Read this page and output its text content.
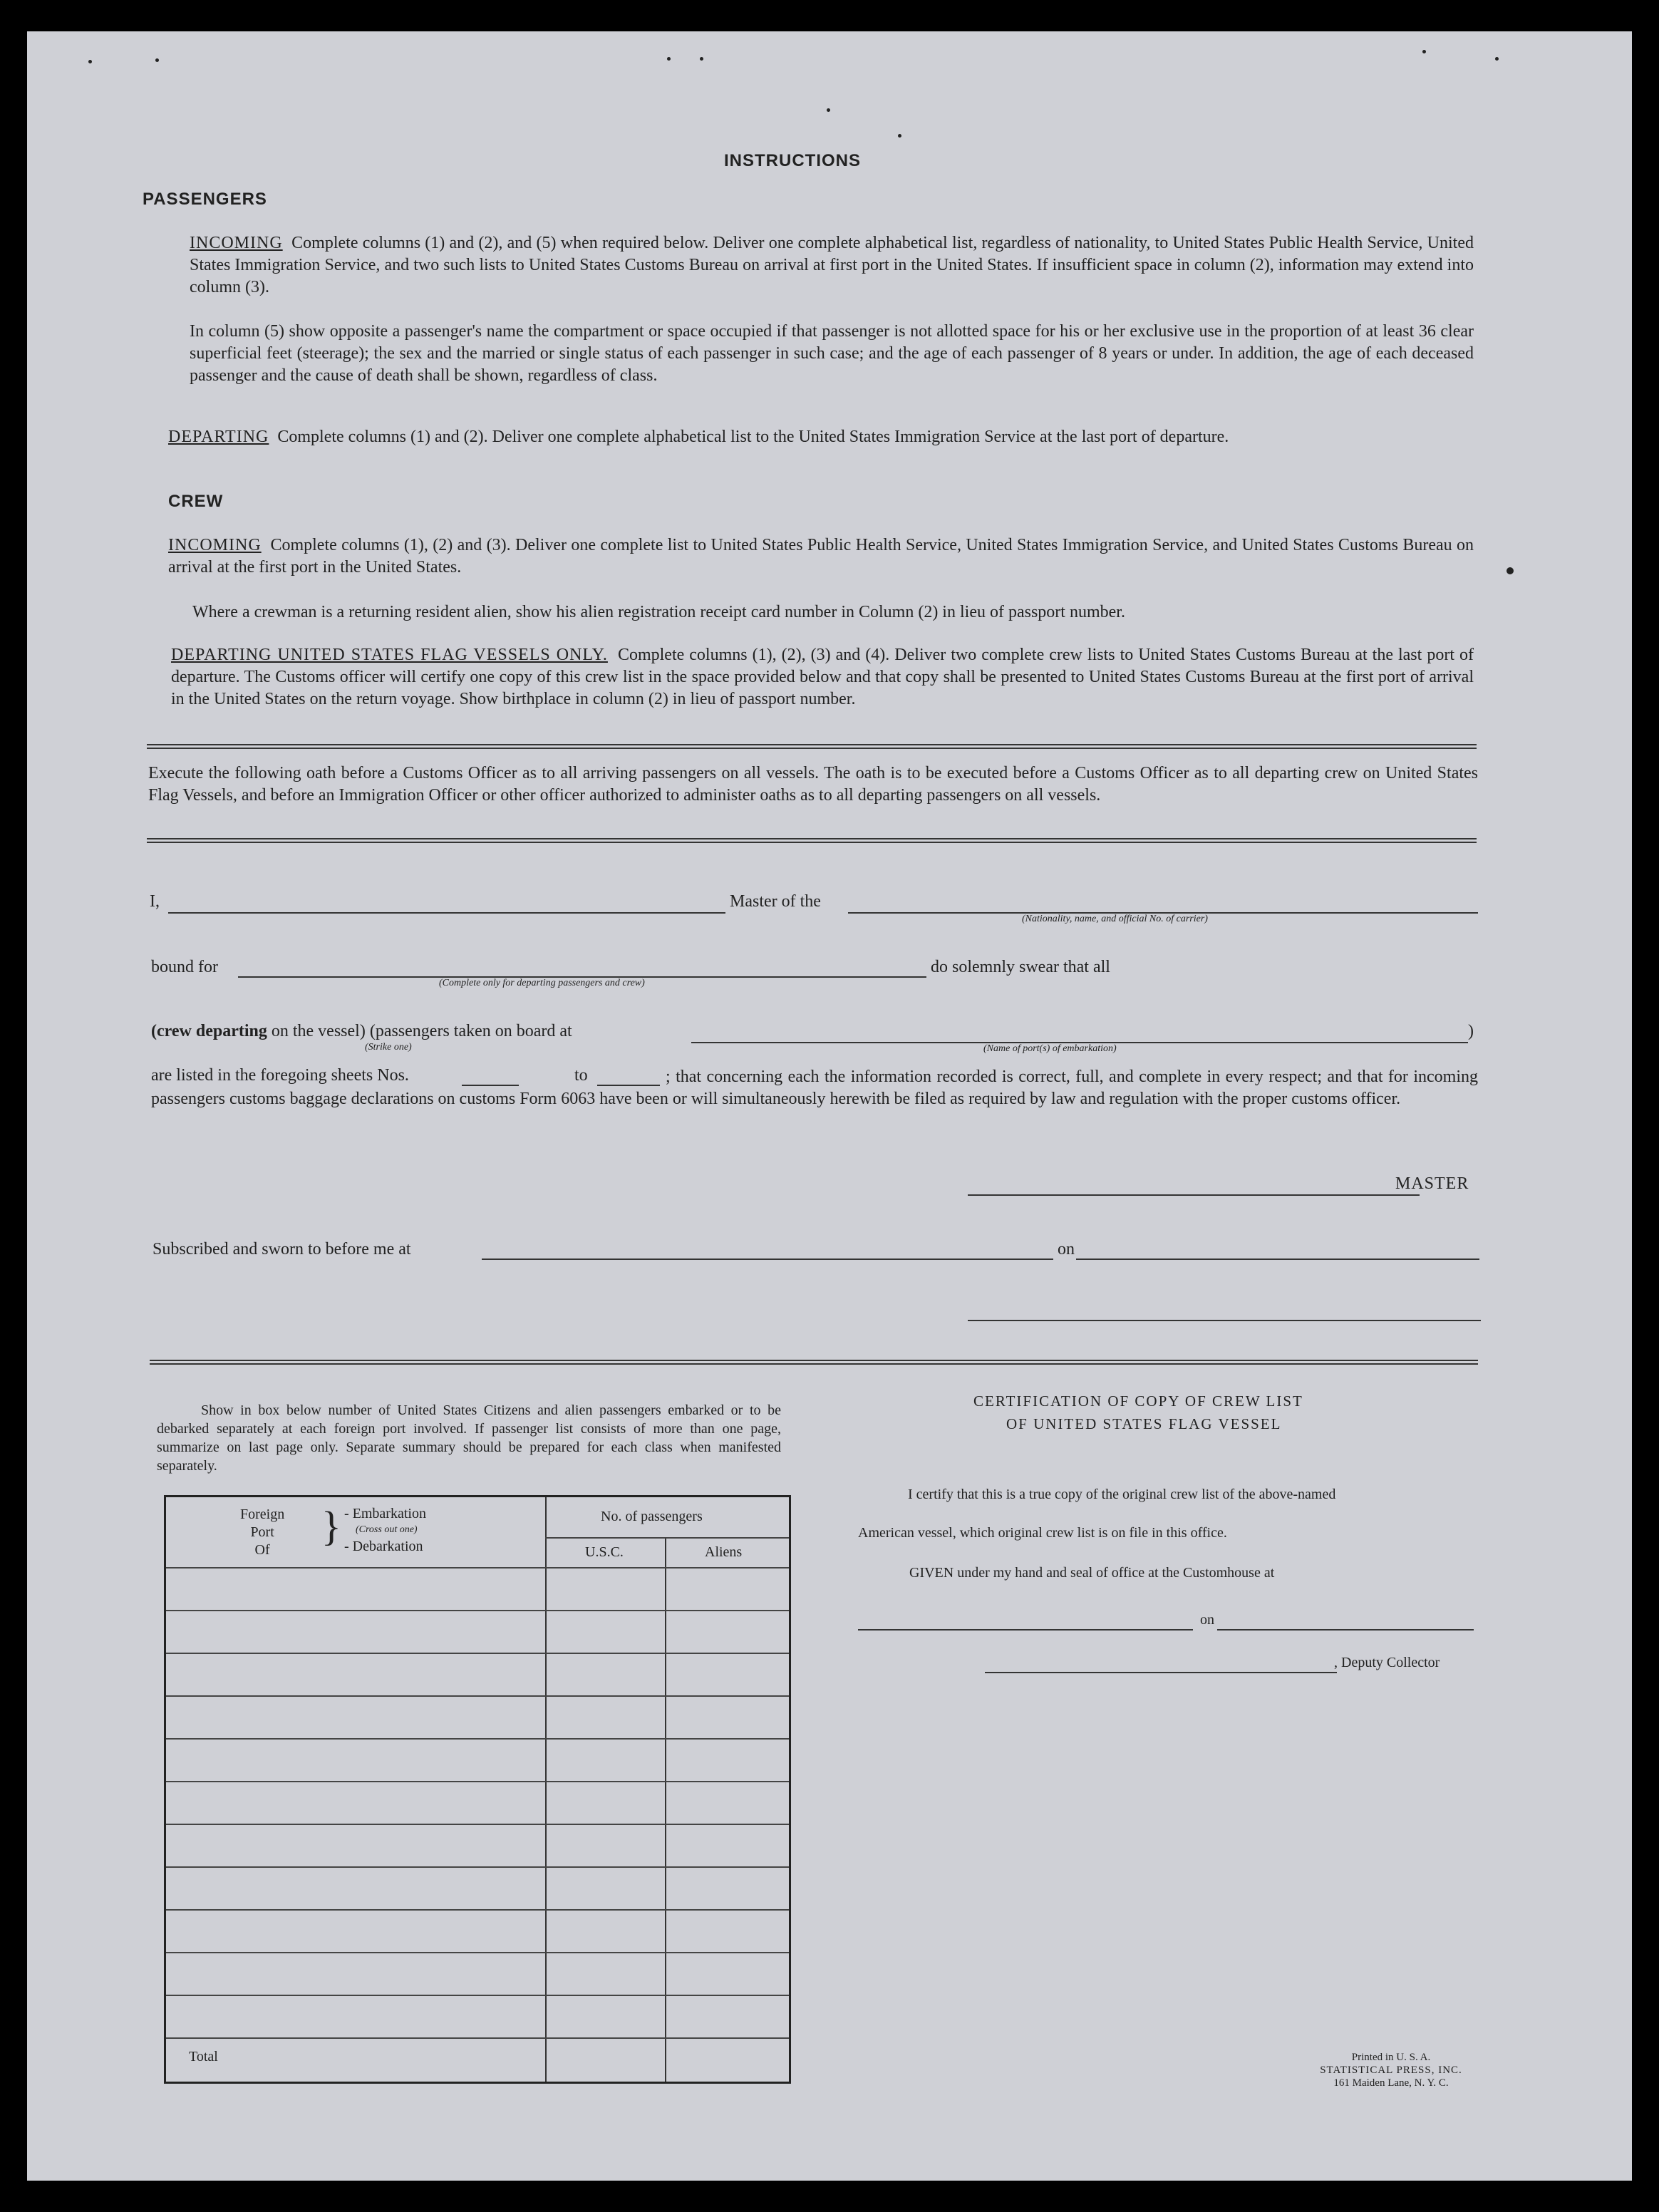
INSTRUCTIONS
PASSENGERS
INCOMING Complete columns (1) and (2), and (5) when required below. Deliver one complete alphabetical list, regardless of nationality, to United States Public Health Service, United States Immigration Service, and two such lists to United States Customs Bureau on arrival at first port in the United States. If insufficient space in column (2), information may extend into column (3).
In column (5) show opposite a passenger's name the compartment or space occupied if that passenger is not allotted space for his or her exclusive use in the proportion of at least 36 clear superficial feet (steerage); the sex and the married or single status of each passenger in such case; and the age of each passenger of 8 years or under. In addition, the age of each deceased passenger and the cause of death shall be shown, regardless of class.
DEPARTING Complete columns (1) and (2). Deliver one complete alphabetical list to the United States Immigration Service at the last port of departure.
CREW
INCOMING Complete columns (1), (2) and (3). Deliver one complete list to United States Public Health Service, United States Immigration Service, and United States Customs Bureau on arrival at the first port in the United States.
Where a crewman is a returning resident alien, show his alien registration receipt card number in Column (2) in lieu of passport number.
DEPARTING UNITED STATES FLAG VESSELS ONLY. Complete columns (1), (2), (3) and (4). Deliver two complete crew lists to United States Customs Bureau at the last port of departure. The Customs officer will certify one copy of this crew list in the space provided below and that copy shall be presented to United States Customs Bureau at the first port of arrival in the United States on the return voyage. Show birthplace in column (2) in lieu of passport number.
Execute the following oath before a Customs Officer as to all arriving passengers on all vessels. The oath is to be executed before a Customs Officer as to all departing crew on United States Flag Vessels, and before an Immigration Officer or other officer authorized to administer oaths as to all departing passengers on all vessels.
I,	Master of the
(Nationality, name, and official No. of carrier)
bound for
(Complete only for departing passengers and crew)
do solemnly swear that all
(crew departing on the vessel) (passengers taken on board at
(Strike one)	(Name of port(s) of embarkation)
)
are listed in the foregoing sheets Nos.	to	; that concerning each the information recorded is correct, full, and complete in every respect; and that for incoming passengers customs baggage declarations on customs Form 6063 have been or will simultaneously herewith be filed as required by law and regulation with the proper customs officer.
MASTER
Subscribed and sworn to before me at	on
Show in box below number of United States Citizens and alien passengers embarked or to be debarked separately at each foreign port involved. If passenger list consists of more than one page, summarize on last page only. Separate summary should be prepared for each class when manifested separately.
Foreign
Port
Of
} - Embarkation
(Cross out one)
- Debarkation
No. of passengers
U.S.C.	Aliens
Total
CERTIFICATION OF COPY OF CREW LIST
OF UNITED STATES FLAG VESSEL
I certify that this is a true copy of the original crew list of the above-named
American vessel, which original crew list is on file in this office.
GIVEN under my hand and seal of office at the Customhouse at
on
, Deputy Collector
Printed in U. S. A.
STATISTICAL PRESS, INC.
161 Maiden Lane, N. Y. C.
